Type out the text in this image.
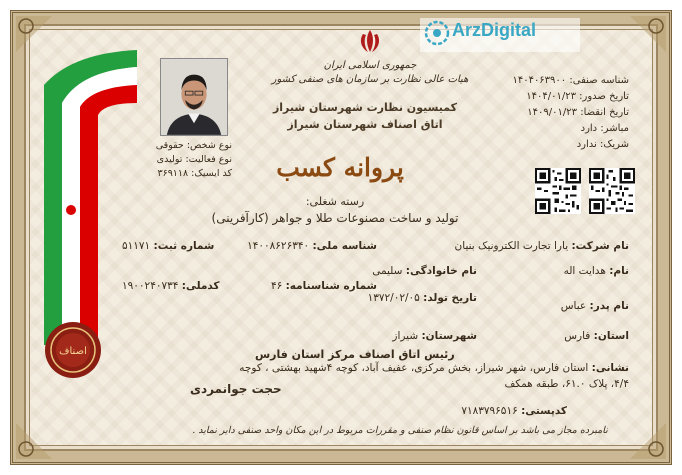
ArzDigital
جمهوری اسلامی ایران
هیات عالی نظارت بر سازمان های صنفی کشور
کمیسیون نظارت شهرستان شیراز
اتاق اصناف شهرستان شیراز
پروانه کسب
رسته شغلی:
تولید و ساخت مصنوعات طلا و جواهر (کارآفرینی)
شناسه صنفی: ۱۴۰۴۰۶۳۹۰۰
تاریخ صدور: ۱۴۰۴/۰۱/۲۳
تاریخ انقضا: ۱۴۰۹/۰۱/۲۳
مباشر: دارد
شریک: ندارد
نوع شخص: حقوقی
نوع فعالیت: تولیدی
کد ایسیک: ۳۶۹۱۱۸
نام شرکت: یارا تجارت الکترونیک بنیان
شناسه ملی: ۱۴۰۰۸۶۲۶۳۴۰
شماره ثبت: ۵۱۱۷۱
نام: هدایت اله
نام خانوادگی: سلیمی
شماره شناسنامه: ۴۶
کدملی: ۱۹۰۰۲۴۰۷۳۴
نام پدر: عباس
تاریخ تولد: ۱۳۷۲/۰۲/۰۵
استان: فارس
شهرستان: شیراز
نشانی: استان فارس، شهر شیراز، بخش مرکزی، عفیف آباد، کوچه ۴شهید بهشتی ، کوچه
۴/۴، پلاک ۶۱.۰، طبقه همکف
کدپستی: ۷۱۸۳۷۹۶۵۱۶
رئیس اتاق اصناف مرکز استان فارس
حجت جوانمردی
اصناف
نامبرده مجاز می باشد بر اساس قانون نظام صنفی و مقررات مربوط در این مکان واحد صنفی دایر نماید .
